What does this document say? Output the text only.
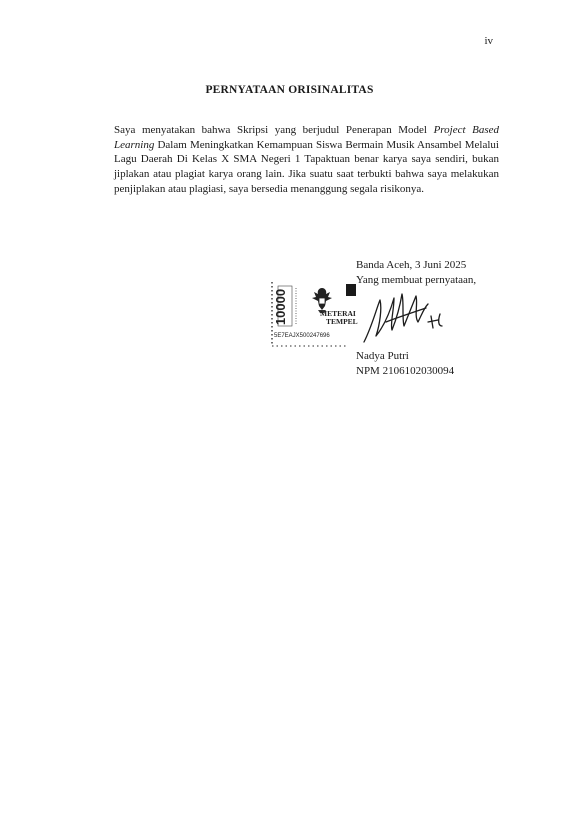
iv
PERNYATAAN ORISINALITAS
Saya menyatakan bahwa Skripsi yang berjudul Penerapan Model Project Based Learning Dalam Meningkatkan Kemampuan Siswa Bermain Musik Ansambel Melalui Lagu Daerah Di Kelas X SMA Negeri 1 Tapaktuan benar karya saya sendiri, bukan jiplakan atau plagiat karya orang lain. Jika suatu saat terbukti bahwa saya melakukan penjiplakan atau plagiasi, saya bersedia menanggung segala risikonya.
Banda Aceh, 3 Juni 2025
Yang membuat pernyataan,
10000	METERAI
TEMPEL
5E7EAJX500247696
Nadya Putri
NPM 2106102030094
